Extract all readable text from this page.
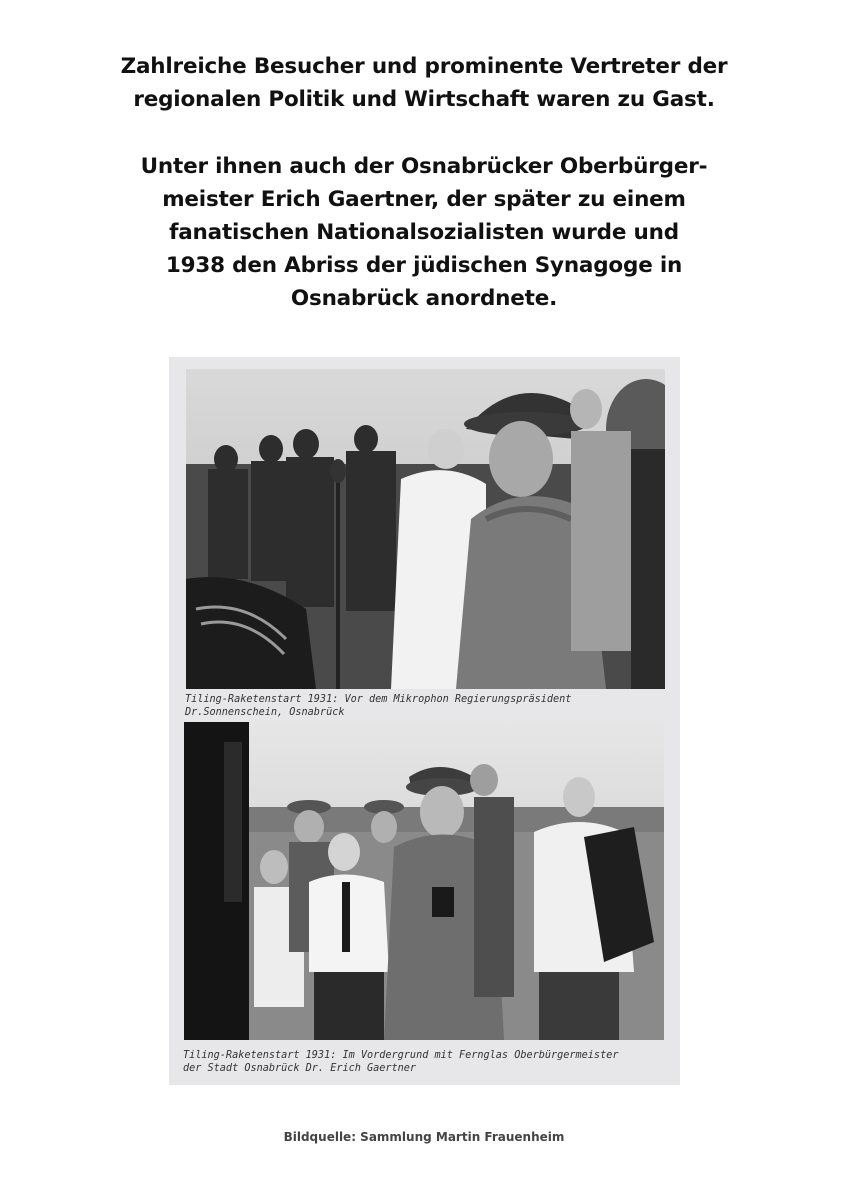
Zahlreiche Besucher und prominente Vertreter der
regionalen Politik und Wirtschaft waren zu Gast.
Unter ihnen auch der Osnabrücker Oberbürger-
meister Erich Gaertner, der später zu einem
fanatischen Nationalsozialisten wurde und
1938 den Abriss der jüdischen Synagoge in
Osnabrück anordnete.
Tiling-Raketenstart 1931: Vor dem Mikrophon Regierungspräsident
Dr.Sonnenschein, Osnabrück
Tiling-Raketenstart 1931: Im Vordergrund mit Fernglas Oberbürgermeister
der Stadt Osnabrück Dr. Erich Gaertner
Bildquelle: Sammlung Martin Frauenheim
